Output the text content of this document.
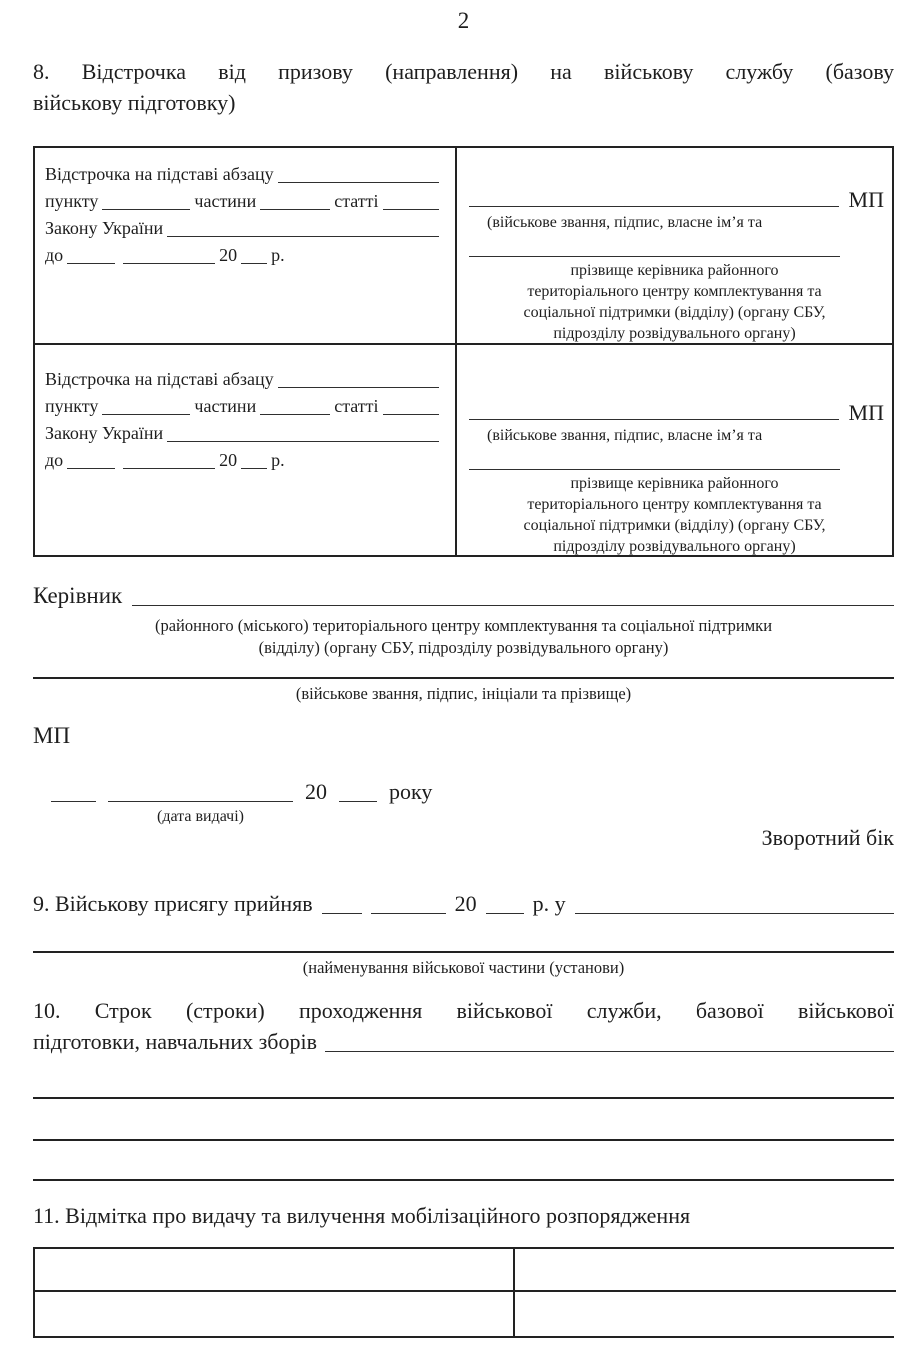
2
8. Відстрочка від призову (направлення) на військову службу (базову
військову підготовку)
Відстрочка на підставі абзацу
пункту	частини	статті
Закону України
до	20 р.
МП
(військове звання, підпис, власне ім’я та
прізвище керівника районного
територіального центру комплектування та
соціальної підтримки (відділу) (органу СБУ,
підрозділу розвідувального органу)
Відстрочка на підставі абзацу
пункту	частини	статті
Закону України
до	20 р.
МП
(військове звання, підпис, власне ім’я та
прізвище керівника районного
територіального центру комплектування та
соціальної підтримки (відділу) (органу СБУ,
підрозділу розвідувального органу)
Керівник
(районного (міського) територіального центру комплектування та соціальної підтримки
(відділу) (органу СБУ, підрозділу розвідувального органу)
(військове звання, підпис, ініціали та прізвище)
МП
(дата видачі)
20	року
Зворотний бік
9. Військову присягу прийняв	20	р. у
(найменування військової частини (установи)
10. Строк (строки) проходження військової служби, базової військової
підготовки, навчальних зборів
11. Відмітка про видачу та вилучення мобілізаційного розпорядження
